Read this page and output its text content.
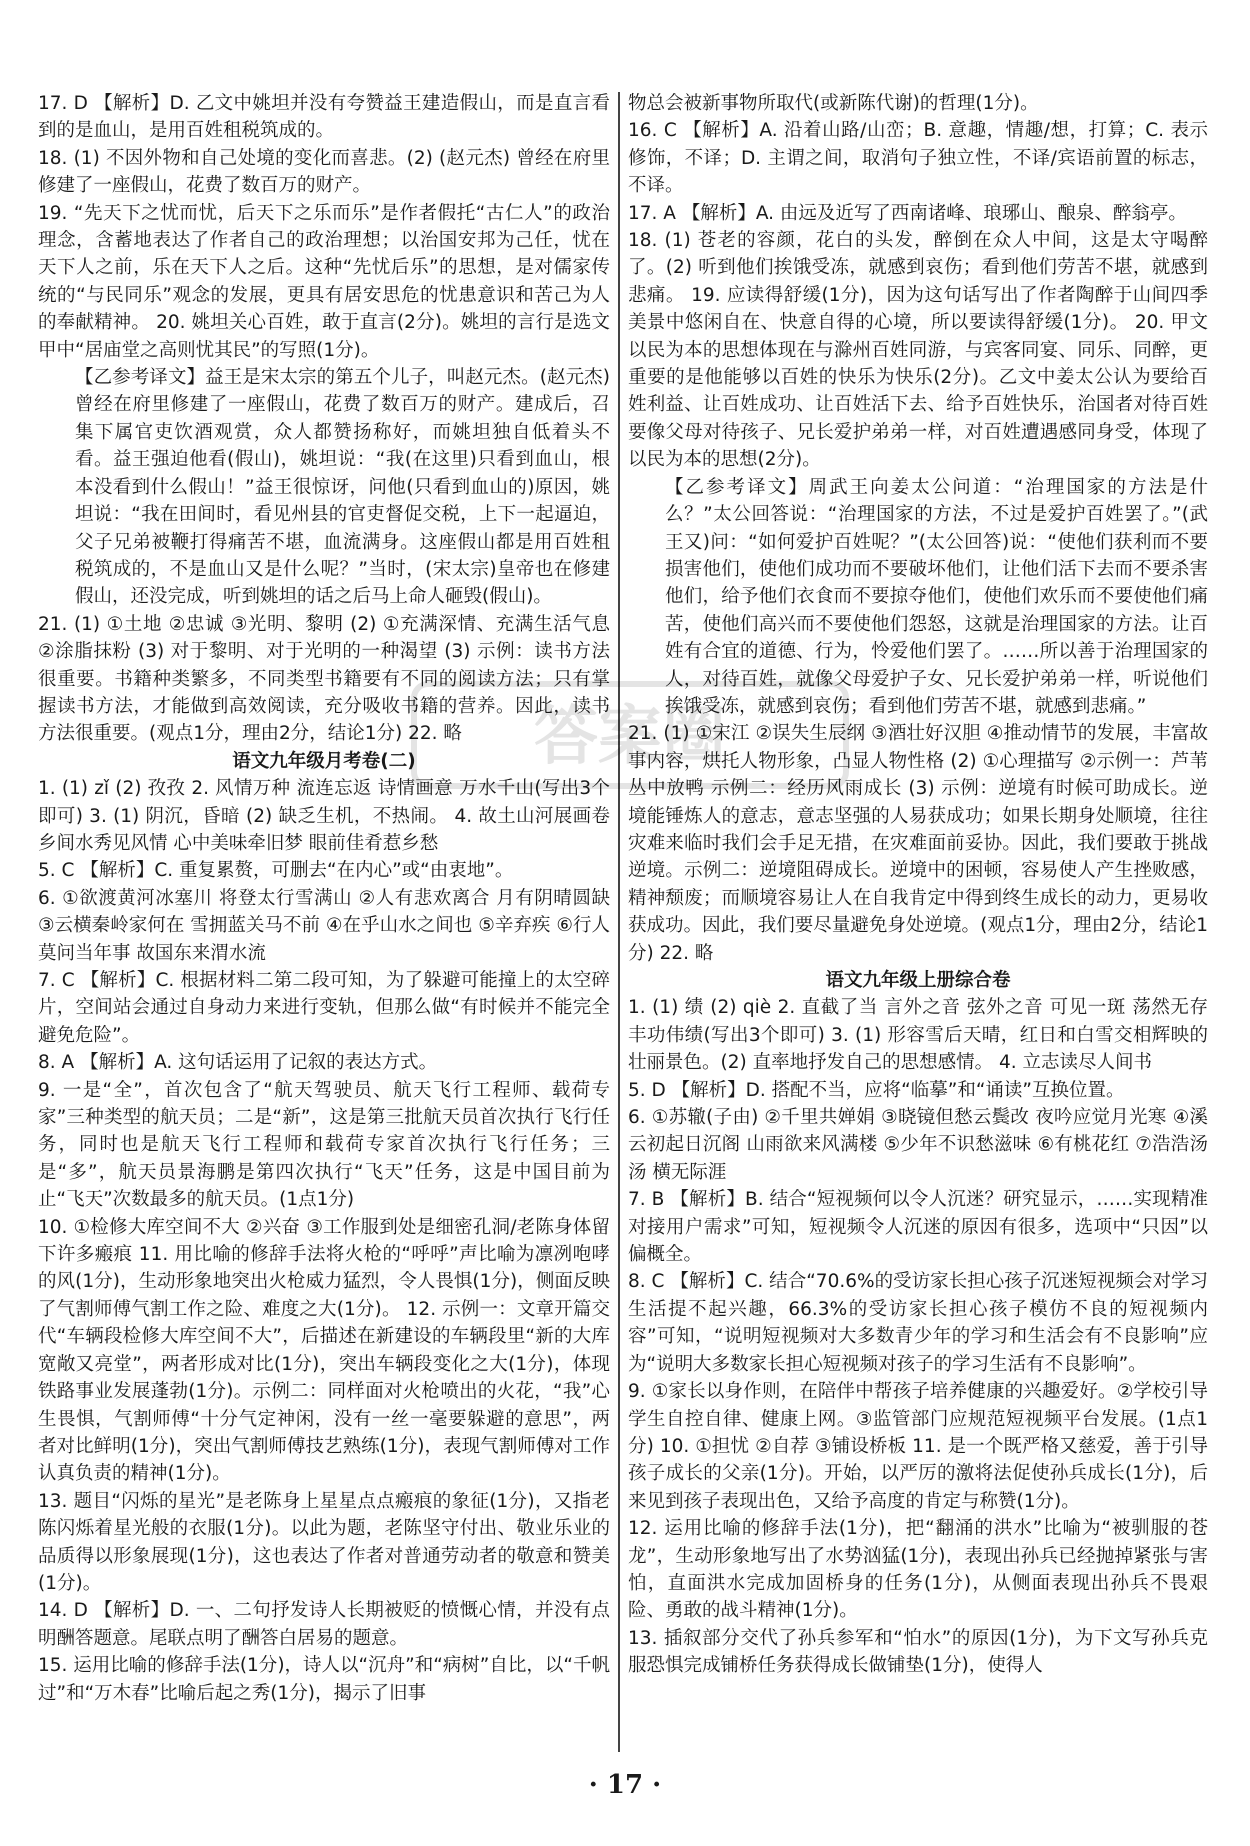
17. D 【解析】D. 乙文中姚坦并没有夸赞益王建造假山，而是直言看到的是血山，是用百姓租税筑成的。

18. (1) 不因外物和自己处境的变化而喜悲。(2) (赵元杰) 曾经在府里修建了一座假山，花费了数百万的财产。

19. “先天下之忧而忧，后天下之乐而乐”是作者假托“古仁人”的政治理念，含蓄地表达了作者自己的政治理想；以治国安邦为己任，忧在天下人之前，乐在天下人之后。这种“先忧后乐”的思想，是对儒家传统的“与民同乐”观念的发展，更具有居安思危的忧患意识和苦己为人的奉献精神。 20. 姚坦关心百姓，敢于直言(2分)。姚坦的言行是选文甲中“居庙堂之高则忧其民”的写照(1分)。

【乙参考译文】益王是宋太宗的第五个儿子，叫赵元杰。(赵元杰) 曾经在府里修建了一座假山，花费了数百万的财产。建成后，召集下属官吏饮酒观赏，众人都赞扬称好，而姚坦独自低着头不看。益王强迫他看(假山)，姚坦说：“我(在这里)只看到血山，根本没看到什么假山！”益王很惊讶，问他(只看到血山的)原因，姚坦说：“我在田间时，看见州县的官吏督促交税，上下一起逼迫，父子兄弟被鞭打得痛苦不堪，血流满身。这座假山都是用百姓租税筑成的，不是血山又是什么呢？”当时，(宋太宗)皇帝也在修建假山，还没完成，听到姚坦的话之后马上命人砸毁(假山)。

21. (1) ①土地 ②忠诚 ③光明、黎明 (2) ①充满深情、充满生活气息 ②涂脂抹粉 (3) 对于黎明、对于光明的一种渴望 (3) 示例：读书方法很重要。书籍种类繁多，不同类型书籍要有不同的阅读方法；只有掌握读书方法，才能做到高效阅读，充分吸收书籍的营养。因此，读书方法很重要。(观点1分，理由2分，结论1分) 22. 略

语文九年级月考卷(二)

1. (1) zǐ (2) 孜孜 2. 风情万种 流连忘返 诗情画意 万水千山(写出3个即可) 3. (1) 阴沉，昏暗 (2) 缺乏生机，不热闹。 4. 故土山河展画卷 乡间水秀见风情 心中美味牵旧梦 眼前佳肴惹乡愁

5. C 【解析】C. 重复累赘，可删去“在内心”或“由衷地”。

6. ①欲渡黄河冰塞川 将登太行雪满山 ②人有悲欢离合 月有阴晴圆缺 ③云横秦岭家何在 雪拥蓝关马不前 ④在乎山水之间也 ⑤辛弃疾 ⑥行人莫问当年事 故国东来渭水流

7. C 【解析】C. 根据材料二第二段可知，为了躲避可能撞上的太空碎片，空间站会通过自身动力来进行变轨，但那么做“有时候并不能完全避免危险”。

8. A 【解析】A. 这句话运用了记叙的表达方式。

9. 一是“全”，首次包含了“航天驾驶员、航天飞行工程师、载荷专家”三种类型的航天员；二是“新”，这是第三批航天员首次执行飞行任务，同时也是航天飞行工程师和载荷专家首次执行飞行任务；三是“多”，航天员景海鹏是第四次执行“飞天”任务，这是中国目前为止“飞天”次数最多的航天员。(1点1分)

10. ①检修大库空间不大 ②兴奋 ③工作服到处是细密孔洞/老陈身体留下许多瘢痕 11. 用比喻的修辞手法将火枪的“呼呼”声比喻为凛冽咆哮的风(1分)，生动形象地突出火枪威力猛烈，令人畏惧(1分)，侧面反映了气割师傅气割工作之险、难度之大(1分)。 12. 示例一：文章开篇交代“车辆段检修大库空间不大”，后描述在新建设的车辆段里“新的大库宽敞又亮堂”，两者形成对比(1分)，突出车辆段变化之大(1分)，体现铁路事业发展蓬勃(1分)。示例二：同样面对火枪喷出的火花，“我”心生畏惧，气割师傅“十分气定神闲，没有一丝一毫要躲避的意思”，两者对比鲜明(1分)，突出气割师傅技艺熟练(1分)，表现气割师傅对工作认真负责的精神(1分)。

13. 题目“闪烁的星光”是老陈身上星星点点瘢痕的象征(1分)，又指老陈闪烁着星光般的衣服(1分)。以此为题，老陈坚守付出、敬业乐业的品质得以形象展现(1分)，这也表达了作者对普通劳动者的敬意和赞美(1分)。

14. D 【解析】D. 一、二句抒发诗人长期被贬的愤慨心情，并没有点明酬答题意。尾联点明了酬答白居易的题意。

15. 运用比喻的修辞手法(1分)，诗人以“沉舟”和“病树”自比，以“千帆过”和“万木春”比喻后起之秀(1分)，揭示了旧事

物总会被新事物所取代(或新陈代谢)的哲理(1分)。

16. C 【解析】A. 沿着山路/山峦；B. 意趣，情趣/想，打算；C. 表示修饰，不译；D. 主谓之间，取消句子独立性，不译/宾语前置的标志，不译。

17. A 【解析】A. 由远及近写了西南诸峰、琅琊山、酿泉、醉翁亭。

18. (1) 苍老的容颜，花白的头发，醉倒在众人中间，这是太守喝醉了。(2) 听到他们挨饿受冻，就感到哀伤；看到他们劳苦不堪，就感到悲痛。 19. 应读得舒缓(1分)，因为这句话写出了作者陶醉于山间四季美景中悠闲自在、快意自得的心境，所以要读得舒缓(1分)。 20. 甲文以民为本的思想体现在与滁州百姓同游，与宾客同宴、同乐、同醉，更重要的是他能够以百姓的快乐为快乐(2分)。乙文中姜太公认为要给百姓利益、让百姓成功、让百姓活下去、给予百姓快乐，治国者对待百姓要像父母对待孩子、兄长爱护弟弟一样，对百姓遭遇感同身受，体现了以民为本的思想(2分)。

【乙参考译文】周武王向姜太公问道：“治理国家的方法是什么？”太公回答说：“治理国家的方法，不过是爱护百姓罢了。”(武王又)问：“如何爱护百姓呢？”(太公回答)说：“使他们获利而不要损害他们，使他们成功而不要破坏他们，让他们活下去而不要杀害他们，给予他们衣食而不要掠夺他们，使他们欢乐而不要使他们痛苦，使他们高兴而不要使他们怨怒，这就是治理国家的方法。让百姓有合宜的道德、行为，怜爱他们罢了。……所以善于治理国家的人，对待百姓，就像父母爱护子女、兄长爱护弟弟一样，听说他们挨饿受冻，就感到哀伤；看到他们劳苦不堪，就感到悲痛。”

21. (1) ①宋江 ②误失生辰纲 ③酒壮好汉胆 ④推动情节的发展，丰富故事内容，烘托人物形象，凸显人物性格 (2) ①心理描写 ②示例一：芦苇丛中放鸭 示例二：经历风雨成长 (3) 示例：逆境有时候可助成长。逆境能锤炼人的意志，意志坚强的人易获成功；如果长期身处顺境，往往灾难来临时我们会手足无措，在灾难面前妥协。因此，我们要敢于挑战逆境。示例二：逆境阻碍成长。逆境中的困顿，容易使人产生挫败感，精神颓废；而顺境容易让人在自我肯定中得到终生成长的动力，更易收获成功。因此，我们要尽量避免身处逆境。(观点1分，理由2分，结论1分) 22. 略

语文九年级上册综合卷

1. (1) 绩 (2) qiè 2. 直截了当 言外之音 弦外之音 可见一斑 荡然无存 丰功伟绩(写出3个即可) 3. (1) 形容雪后天晴，红日和白雪交相辉映的壮丽景色。(2) 直率地抒发自己的思想感情。 4. 立志读尽人间书

5. D 【解析】D. 搭配不当，应将“临摹”和“诵读”互换位置。

6. ①苏辙(子由) ②千里共婵娟 ③晓镜但愁云鬓改 夜吟应觉月光寒 ④溪云初起日沉阁 山雨欲来风满楼 ⑤少年不识愁滋味 ⑥有桃花红 ⑦浩浩汤汤 横无际涯

7. B 【解析】B. 结合“短视频何以令人沉迷？研究显示，……实现精准对接用户需求”可知，短视频令人沉迷的原因有很多，选项中“只因”以偏概全。

8. C 【解析】C. 结合“70.6%的受访家长担心孩子沉迷短视频会对学习生活提不起兴趣，66.3%的受访家长担心孩子模仿不良的短视频内容”可知，“说明短视频对大多数青少年的学习和生活会有不良影响”应为“说明大多数家长担心短视频对孩子的学习生活有不良影响”。

9. ①家长以身作则，在陪伴中帮孩子培养健康的兴趣爱好。②学校引导学生自控自律、健康上网。③监管部门应规范短视频平台发展。(1点1分) 10. ①担忧 ②自荐 ③铺设桥板 11. 是一个既严格又慈爱，善于引导孩子成长的父亲(1分)。开始，以严厉的激将法促使孙兵成长(1分)，后来见到孩子表现出色，又给予高度的肯定与称赞(1分)。

12. 运用比喻的修辞手法(1分)，把“翻涌的洪水”比喻为“被驯服的苍龙”，生动形象地写出了水势汹猛(1分)，表现出孙兵已经抛掉紧张与害怕，直面洪水完成加固桥身的任务(1分)，从侧面表现出孙兵不畏艰险、勇敢的战斗精神(1分)。

13. 插叙部分交代了孙兵参军和“怕水”的原因(1分)，为下文写孙兵克服恐惧完成铺桥任务获得成长做铺垫(1分)，使得人

答案圈
· 17 ·
